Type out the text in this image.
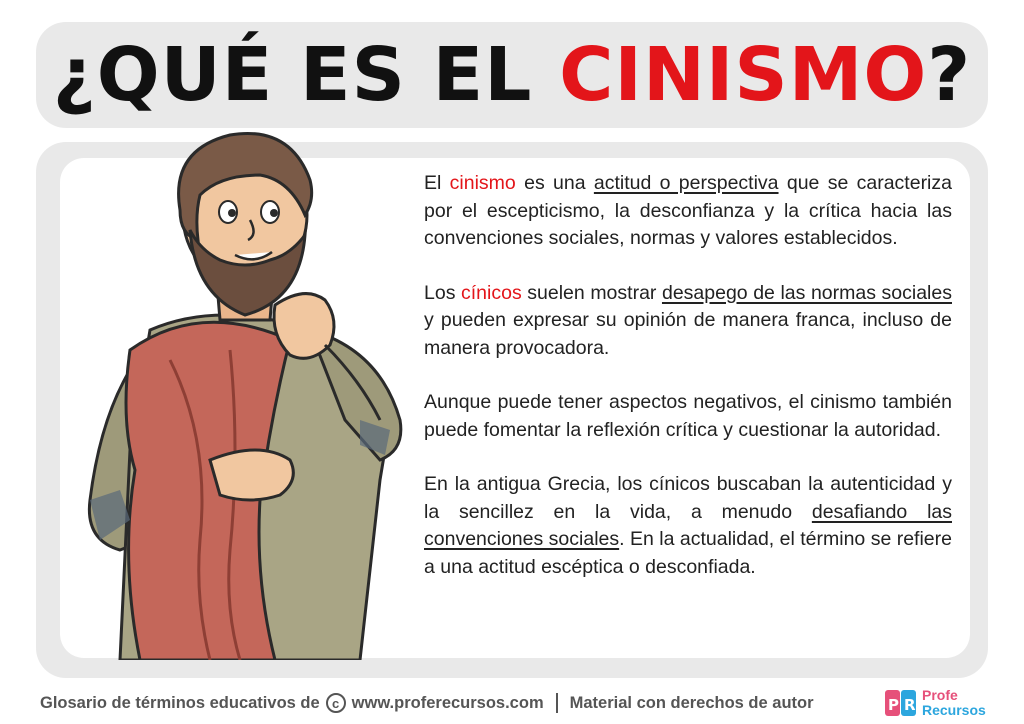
¿QUÉ ES EL CINISMO?

El cinismo es una actitud o perspectiva que se caracteriza por el escepticismo, la desconfianza y la crítica hacia las convenciones sociales, normas y valores establecidos.

Los cínicos suelen mostrar desapego de las normas sociales y pueden expresar su opinión de manera franca, incluso de manera provocadora.

Aunque puede tener aspectos negativos, el cinismo también puede fomentar la reflexión crítica y cuestionar la autoridad.

En la antigua Grecia, los cínicos buscaban la autenticidad y la sencillez en la vida, a menudo desafiando las convenciones sociales. En la actualidad, el término se refiere a una actitud escéptica o desconfiada.

Glosario de términos educativos de c www.proferecursos.com Material con derechos de autor	P R
Profe
Recursos
